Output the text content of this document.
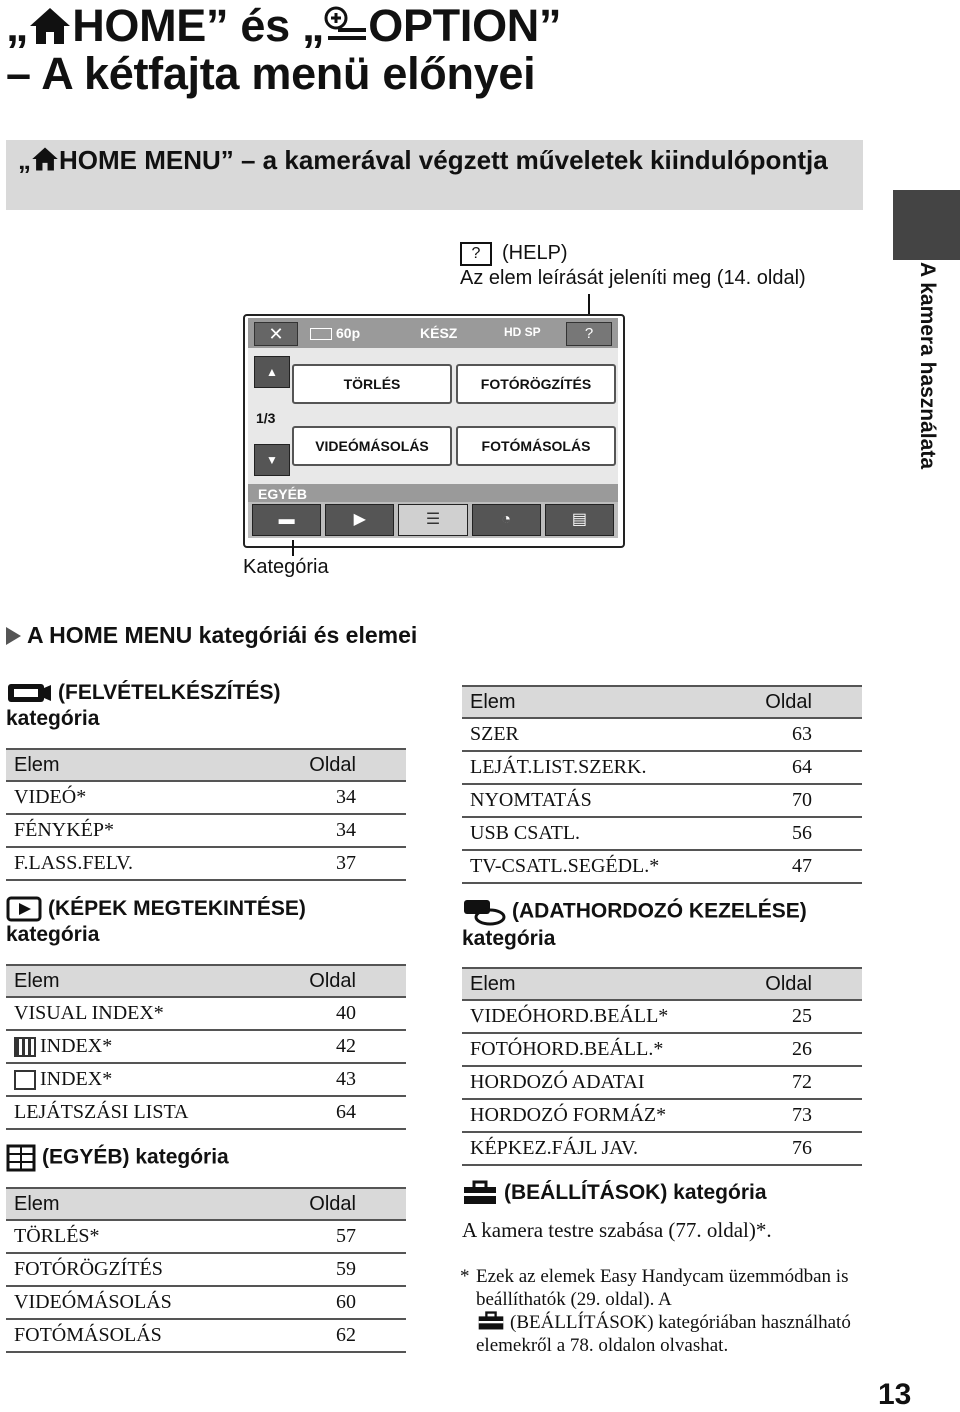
„ HOME” és „ OPTION”
– A kétfajta menü előnyei
„ HOME MENU” – a kamerával végzett műveletek kiindulópontja
A kamera használata
? (HELP)
Az elem leírását jeleníti meg (14. oldal)
✕	60p	KÉSZ	HD SP	?
▲
1/3
▼
TÖRLÉS	FOTÓRÖGZÍTÉS
VIDEÓMÁSOLÁS	FOTÓMÁSOLÁS
EGYÉB
▬	▶	☰	◔	▤
Kategória
A HOME MENU kategóriái és elemei
(FELVÉTELKÉSZÍTÉS)
kategória
Elem	Oldal
VIDEÓ*	34
FÉNYKÉP*	34
F.LASS.FELV.	37
(KÉPEK MEGTEKINTÉSE)
kategória
Elem	Oldal
VISUAL INDEX*	40
INDEX*	42
INDEX*	43
LEJÁTSZÁSI LISTA	64
(EGYÉB) kategória
Elem	Oldal
TÖRLÉS*	57
FOTÓRÖGZÍTÉS	59
VIDEÓMÁSOLÁS	60
FOTÓMÁSOLÁS	62
Elem	Oldal
SZER	63
LEJÁT.LIST.SZERK.	64
NYOMTATÁS	70
USB CSATL.	56
TV-CSATL.SEGÉDL.*	47
(ADATHORDOZÓ KEZELÉSE)
kategória
Elem	Oldal
VIDEÓHORD.BEÁLL*	25
FOTÓHORD.BEÁLL.*	26
HORDOZÓ ADATAI	72
HORDOZÓ FORMÁZ*	73
KÉPKEZ.FÁJL JAV.	76
(BEÁLLÍTÁSOK) kategória
A kamera testre szabása (77. oldal)*.
* Ezek az elemek Easy Handycam üzemmódban is beállíthatók (29. oldal). A
(BEÁLLÍTÁSOK) kategóriában használható elemekről a 78. oldalon olvashat.
13
